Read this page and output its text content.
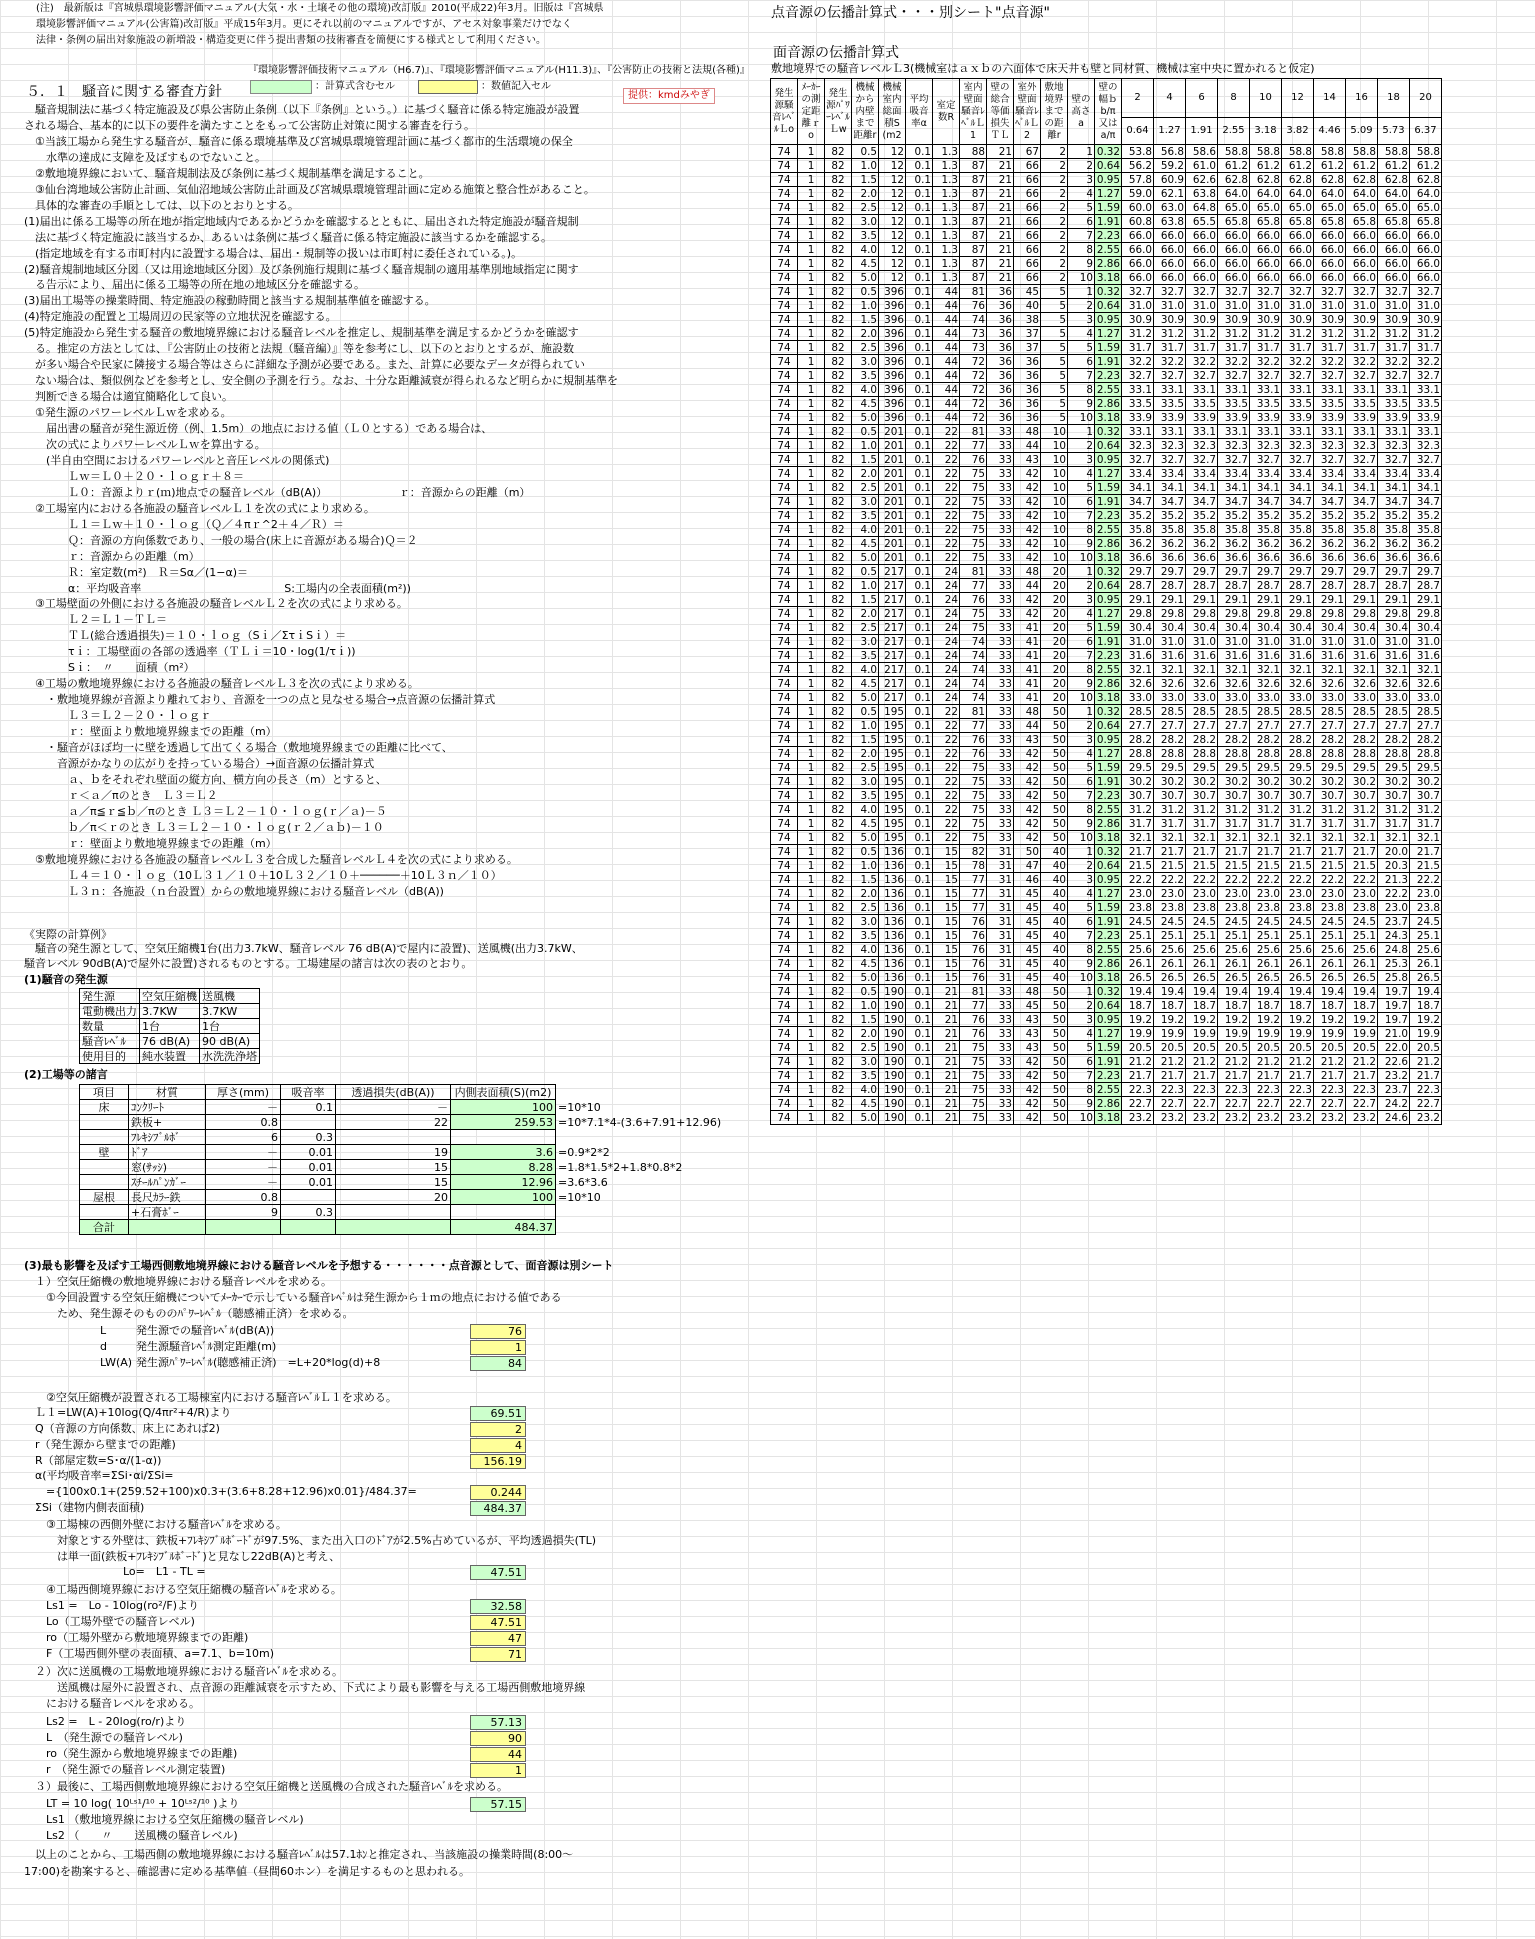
(注)　最新版は『宮城県環境影響評価マニュアル(大気・水・土壌その他の環境)改訂版』2010(平成22)年3月。旧版は『宮城県
環境影響評価マニュアル(公害篇)改訂版』平成15年3月。更にそれ以前のマニュアルですが、アセス対象事業だけでなく
法律・条例の届出対象施設の新増設・構造変更に伴う提出書類の技術審査を簡便にする様式として利用ください。
『環境影響評価技術マニュアル（H6.7)』、『環境影響評価マニュアル(H11.3)』、『公害防止の技術と法規(各種)』
：計算式含むセル	：数値記入セル
提供：kmdみやぎ
５．１　騒音に関する審査方針
　騒音規制法に基づく特定施設及び県公害防止条例（以下『条例』という。）に基づく騒音に係る特定施設が設置
される場合、基本的に以下の要件を満たすことをもって公害防止対策に関する審査を行う。
　①当該工場から発生する騒音が、騒音に係る環境基準及び宮城県環境管理計画に基づく都市的生活環境の保全
　　水準の達成に支障を及ぼすものでないこと。
　②敷地境界線において、騒音規制法及び条例に基づく規制基準を満足すること。
　③仙台湾地域公害防止計画、気仙沼地域公害防止計画及び宮城県環境管理計画に定める施策と整合性があること。
　具体的な審査の手順としては、以下のとおりとする。
(1)届出に係る工場等の所在地が指定地域内であるかどうかを確認するとともに、届出された特定施設が騒音規制
　法に基づく特定施設に該当するか、あるいは条例に基づく騒音に係る特定施設に該当するかを確認する。
　(指定地域を有する市町村内に設置する場合は、届出・規制等の扱いは市町村に委任されている。)。
(2)騒音規制地域区分図（又は用途地域区分図）及び条例施行規則に基づく騒音規制の適用基準別地域指定に関す
　る告示により、届出に係る工場等の所在地の地域区分を確認する。
(3)届出工場等の操業時間、特定施設の稼動時間と該当する規制基準値を確認する。
(4)特定施設の配置と工場周辺の民家等の立地状況を確認する。
(5)特定施設から発生する騒音の敷地境界線における騒音レベルを推定し、規制基準を満足するかどうかを確認す
　る。推定の方法としては、『公害防止の技術と法規（騒音編）』等を参考にし、以下のとおりとするが、施設数
　が多い場合や民家に隣接する場合等はさらに詳細な予測が必要である。また、計算に必要なデータが得られてい
　ない場合は、類似例などを参考とし、安全側の予測を行う。なお、十分な距離減衰が得られるなど明らかに規制基準を
　判断できる場合は適宜簡略化して良い。
　①発生源のパワーレベルＬｗを求める。
　　届出書の騒音が発生源近傍（例、1.5m）の地点における値（Ｌ０とする）である場合は、
　　次の式によりパワーレベルＬｗを算出する。
　　(半自由空間におけるパワーレベルと音圧レベルの関係式)
　　　　Ｌｗ＝Ｌ０＋２０・ｌｏｇｒ＋８＝
　　　　Ｌ０：音源よりｒ(ｍ)地点での騒音レベル（dB(A)）　　　　　　　ｒ：音源からの距離（m）
　②工場室内における各施設の騒音レベルＬ１を次の式により求める。
　　　　Ｌ１＝Ｌｗ＋１０・ｌｏｇ（Ｑ／４πｒ^2＋４／Ｒ）＝
　　　　Ｑ：音源の方向係数であり、一般の場合(床上に音源がある場合)Ｑ＝２
　　　　ｒ：音源からの距離（m）
　　　　Ｒ：室定数(m²)　Ｒ＝Sα／(1−α)＝
　　　　α：平均吸音率　　　　　　　　　　　　　S:工場内の全表面積(m²))
　③工場壁面の外側における各施設の騒音レベルＬ２を次の式により求める。
　　　　Ｌ２＝Ｌ１－ＴＬ＝
　　　　ＴＬ(総合透過損失)＝１０・ｌｏｇ（Sｉ／ΣτｉSｉ）＝
　　　　τｉ：工場壁面の各部の透過率（ＴＬｉ＝10・log(1/τｉ))
　　　　Sｉ：　〃　　面積（m²）
　④工場の敷地境界線における各施設の騒音レベルＬ３を次の式により求める。
　　・敷地境界線が音源より離れており、音源を一つの点と見なせる場合→点音源の伝播計算式
　　　　Ｌ３＝Ｌ２－２０・ｌｏｇｒ
　　　　ｒ：壁面より敷地境界線までの距離（m）
　　・騒音がほぼ均一に壁を透過して出てくる場合（敷地境界線までの距離に比べて、
　　　音源がかなりの広がりを持っている場合）→面音源の伝播計算式
　　　　ａ、ｂをそれぞれ壁面の縦方向、横方向の長さ（m）とすると、
　　　　ｒ＜ａ／πのとき　Ｌ３＝Ｌ２
　　　　ａ／π≦ｒ≦ｂ／πのとき Ｌ３＝Ｌ２－１０・ｌｏｇ(ｒ／ａ)－５
　　　　ｂ／π＜ｒのとき Ｌ３＝Ｌ２－１０・ｌｏｇ(ｒ２／ａｂ)－１０
　　　　ｒ：壁面より敷地境界線までの距離（m）
　⑤敷地境界線における各施設の騒音レベルＬ３を合成した騒音レベルＬ４を次の式により求める。
　　　　Ｌ４＝１０・ｌｏｇ（10Ｌ３１／１０＋10Ｌ３２／１０＋──────＋10Ｌ３ｎ／１０）
　　　　Ｌ３ｎ：各施設（ｎ台設置）からの敷地境界線における騒音レベル（dB(A))
《実際の計算例》
　騒音の発生源として、空気圧縮機1台(出力3.7kW、騒音レベル 76 dB(A)で屋内に設置)、送風機(出力3.7kW、
騒音レベル 90dB(A)で屋外に設置)されるものとする。工場建屋の諸言は次の表のとおり。
(1)騒音の発生源
発生源	空気圧縮機	送風機
電動機出力	3.7KW	3.7KW
数量	1台	1台
騒音ﾚﾍﾞﾙ	76 dB(A)	90 dB(A)
使用目的	純水装置	水洗洗浄塔
(2)工場等の諸言
項目	材質	厚さ(mm)	吸音率	透過損失(dB(A))	内側表面積(S)(m2)	
床	ｺﾝｸﾘｰﾄ	－	0.1	－	100	=10*10
	鉄板+	0.8		22	259.53	=10*7.1*4-(3.6+7.91+12.96)
	ﾌﾚｷｼﾌﾞﾙﾎﾞ	6	0.3			
壁	ﾄﾞｱ	－	0.01	19	3.6	=0.9*2*2
	窓(ｻｯｼ)	－	0.01	15	8.28	=1.8*1.5*2+1.8*0.8*2
	ｽﾁｰﾙﾊﾟﾝｶﾞｰ	－	0.01	15	12.96	=3.6*3.6
屋根	長尺ｶﾗｰ鉄	0.8		20	100	=10*10
	+石膏ﾎﾞｰ	9	0.3			
合計					484.37	
(3)最も影響を及ぼす工場西側敷地境界線における騒音レベルを予想する・・・・・・点音源として、面音源は別シート
　１）空気圧縮機の敷地境界線における騒音レベルを求める。
　　①今回設置する空気圧縮機についてﾒｰｶｰで示している騒音ﾚﾍﾞﾙは発生源から１ｍの地点における値である
　　　ため、発生源そのもののﾊﾟﾜｰﾚﾍﾞﾙ（聴感補正済）を求める。
L	発生源での騒音ﾚﾍﾞﾙ(dB(A))	76
d	発生源騒音ﾚﾍﾞﾙ測定距離(m)	1
LW(A) 発生源ﾊﾟﾜｰﾚﾍﾞﾙ(聴感補正済)　=L+20*log(d)+8	84
　　②空気圧縮機が設置される工場棟室内における騒音ﾚﾍﾞﾙＬ１を求める。
　Ｌ１=LW(A)+10log(Q/4πr²+4/R)より	69.51
　Q（音源の方向係数、床上にあれば2)	2
　r（発生源から壁までの距離)	4
　R（部屋定数=S･α/(1-α))	156.19
　α(平均吸音率=ΣSi･αi/ΣSi=
　　={100x0.1+(259.52+100)x0.3+(3.6+8.28+12.96)x0.01}/484.37=	0.244
　ΣSi（建物内側表面積)	484.37
　　③工場棟の西側外壁における騒音ﾚﾍﾞﾙを求める。
　　　対象とする外壁は、鉄板+ﾌﾚｷｼﾌﾞﾙﾎﾞｰﾄﾞが97.5%、また出入口のﾄﾞｱが2.5%占めているが、平均透過損失(TL)
　　　は単一面(鉄板+ﾌﾚｷｼﾌﾞﾙﾎﾞｰﾄﾞ)と見なし22dB(A)と考え、
　　　　　　　　　Lo=　L1 - TL =	47.51
　　④工場西側境界線における空気圧縮機の騒音ﾚﾍﾞﾙを求める。
　　Ls1 =　Lo - 10log(ro²/F)より	32.58
　　Lo（工場外壁での騒音レベル)	47.51
　　ro（工場外壁から敷地境界線までの距離)	47
　　F（工場西側外壁の表面積、a=7.1、b=10m)	71
　２）次に送風機の工場敷地境界線における騒音ﾚﾍﾞﾙを求める。
　　　送風機は屋外に設置され、点音源の距離減衰を示すため、下式により最も影響を与える工場西側敷地境界線
　　における騒音レベルを求める。
　　Ls2 =　L - 20log(ro/r)より	57.13
　　L　（発生源での騒音レベル)	90
　　ro（発生源から敷地境界線までの距離)	44
　　r　（発生源での騒音レベル測定装置)	1
　３）最後に、工場西側敷地境界線における空気圧縮機と送風機の合成された騒音ﾚﾍﾞﾙを求める。
　　LT = 10 log( 10ᴸˢ¹/¹⁰ + 10ᴸˢ²/¹⁰ )より	57.15
　　Ls1 （敷地境界線における空気圧縮機の騒音レベル)
　　Ls2 （　　〃　　送風機の騒音レベル)
　以上のことから、工場西側の敷地境界線における騒音ﾚﾍﾞﾙは57.1ﾎﾝと推定され、当該施設の操業時間(8:00～
17:00)を勘案すると、確認書に定める基準値（昼間60ホン）を満足するものと思われる。
点音源の伝播計算式・・・別シート"点音源"
面音源の伝播計算式
敷地境界での騒音レベルＬ3(機械室はａｘｂの六面体で床天井も壁と同材質、機械は室中央に置かれると仮定)
発生源騒音ﾚﾍﾞﾙＬo	ﾒｰｶｰの測定距離ｒo	発生源ﾊﾟﾜｰﾚﾍﾞﾙＬw	機械から内壁まで距離r	機械室内総面積S(m2	平均吸音率α	室定数R	室内壁面騒音ﾚﾍﾞﾙＬ1	壁の総合等価損失ＴＬ	室外壁面騒音ﾚﾍﾞﾙＬ2	敷地境界までの距離r	壁の高さa	壁の幅ｂb/π又はa/π	2	4	6	8	10	12	14	16	18	20
													0.64	1.27	1.91	2.55	3.18	3.82	4.46	5.09	5.73	6.37
74	1	82	0.5	12	0.1	1.3	88	21	67	2	1	0.32	53.8	56.8	58.6	58.8	58.8	58.8	58.8	58.8	58.8	58.8
74	1	82	1.0	12	0.1	1.3	87	21	66	2	2	0.64	56.2	59.2	61.0	61.2	61.2	61.2	61.2	61.2	61.2	61.2
74	1	82	1.5	12	0.1	1.3	87	21	66	2	3	0.95	57.8	60.9	62.6	62.8	62.8	62.8	62.8	62.8	62.8	62.8
74	1	82	2.0	12	0.1	1.3	87	21	66	2	4	1.27	59.0	62.1	63.8	64.0	64.0	64.0	64.0	64.0	64.0	64.0
74	1	82	2.5	12	0.1	1.3	87	21	66	2	5	1.59	60.0	63.0	64.8	65.0	65.0	65.0	65.0	65.0	65.0	65.0
74	1	82	3.0	12	0.1	1.3	87	21	66	2	6	1.91	60.8	63.8	65.5	65.8	65.8	65.8	65.8	65.8	65.8	65.8
74	1	82	3.5	12	0.1	1.3	87	21	66	2	7	2.23	66.0	66.0	66.0	66.0	66.0	66.0	66.0	66.0	66.0	66.0
74	1	82	4.0	12	0.1	1.3	87	21	66	2	8	2.55	66.0	66.0	66.0	66.0	66.0	66.0	66.0	66.0	66.0	66.0
74	1	82	4.5	12	0.1	1.3	87	21	66	2	9	2.86	66.0	66.0	66.0	66.0	66.0	66.0	66.0	66.0	66.0	66.0
74	1	82	5.0	12	0.1	1.3	87	21	66	2	10	3.18	66.0	66.0	66.0	66.0	66.0	66.0	66.0	66.0	66.0	66.0
74	1	82	0.5	396	0.1	44	81	36	45	5	1	0.32	32.7	32.7	32.7	32.7	32.7	32.7	32.7	32.7	32.7	32.7
74	1	82	1.0	396	0.1	44	76	36	40	5	2	0.64	31.0	31.0	31.0	31.0	31.0	31.0	31.0	31.0	31.0	31.0
74	1	82	1.5	396	0.1	44	74	36	38	5	3	0.95	30.9	30.9	30.9	30.9	30.9	30.9	30.9	30.9	30.9	30.9
74	1	82	2.0	396	0.1	44	73	36	37	5	4	1.27	31.2	31.2	31.2	31.2	31.2	31.2	31.2	31.2	31.2	31.2
74	1	82	2.5	396	0.1	44	73	36	37	5	5	1.59	31.7	31.7	31.7	31.7	31.7	31.7	31.7	31.7	31.7	31.7
74	1	82	3.0	396	0.1	44	72	36	36	5	6	1.91	32.2	32.2	32.2	32.2	32.2	32.2	32.2	32.2	32.2	32.2
74	1	82	3.5	396	0.1	44	72	36	36	5	7	2.23	32.7	32.7	32.7	32.7	32.7	32.7	32.7	32.7	32.7	32.7
74	1	82	4.0	396	0.1	44	72	36	36	5	8	2.55	33.1	33.1	33.1	33.1	33.1	33.1	33.1	33.1	33.1	33.1
74	1	82	4.5	396	0.1	44	72	36	36	5	9	2.86	33.5	33.5	33.5	33.5	33.5	33.5	33.5	33.5	33.5	33.5
74	1	82	5.0	396	0.1	44	72	36	36	5	10	3.18	33.9	33.9	33.9	33.9	33.9	33.9	33.9	33.9	33.9	33.9
74	1	82	0.5	201	0.1	22	81	33	48	10	1	0.32	33.1	33.1	33.1	33.1	33.1	33.1	33.1	33.1	33.1	33.1
74	1	82	1.0	201	0.1	22	77	33	44	10	2	0.64	32.3	32.3	32.3	32.3	32.3	32.3	32.3	32.3	32.3	32.3
74	1	82	1.5	201	0.1	22	76	33	43	10	3	0.95	32.7	32.7	32.7	32.7	32.7	32.7	32.7	32.7	32.7	32.7
74	1	82	2.0	201	0.1	22	75	33	42	10	4	1.27	33.4	33.4	33.4	33.4	33.4	33.4	33.4	33.4	33.4	33.4
74	1	82	2.5	201	0.1	22	75	33	42	10	5	1.59	34.1	34.1	34.1	34.1	34.1	34.1	34.1	34.1	34.1	34.1
74	1	82	3.0	201	0.1	22	75	33	42	10	6	1.91	34.7	34.7	34.7	34.7	34.7	34.7	34.7	34.7	34.7	34.7
74	1	82	3.5	201	0.1	22	75	33	42	10	7	2.23	35.2	35.2	35.2	35.2	35.2	35.2	35.2	35.2	35.2	35.2
74	1	82	4.0	201	0.1	22	75	33	42	10	8	2.55	35.8	35.8	35.8	35.8	35.8	35.8	35.8	35.8	35.8	35.8
74	1	82	4.5	201	0.1	22	75	33	42	10	9	2.86	36.2	36.2	36.2	36.2	36.2	36.2	36.2	36.2	36.2	36.2
74	1	82	5.0	201	0.1	22	75	33	42	10	10	3.18	36.6	36.6	36.6	36.6	36.6	36.6	36.6	36.6	36.6	36.6
74	1	82	0.5	217	0.1	24	81	33	48	20	1	0.32	29.7	29.7	29.7	29.7	29.7	29.7	29.7	29.7	29.7	29.7
74	1	82	1.0	217	0.1	24	77	33	44	20	2	0.64	28.7	28.7	28.7	28.7	28.7	28.7	28.7	28.7	28.7	28.7
74	1	82	1.5	217	0.1	24	76	33	42	20	3	0.95	29.1	29.1	29.1	29.1	29.1	29.1	29.1	29.1	29.1	29.1
74	1	82	2.0	217	0.1	24	75	33	42	20	4	1.27	29.8	29.8	29.8	29.8	29.8	29.8	29.8	29.8	29.8	29.8
74	1	82	2.5	217	0.1	24	75	33	41	20	5	1.59	30.4	30.4	30.4	30.4	30.4	30.4	30.4	30.4	30.4	30.4
74	1	82	3.0	217	0.1	24	74	33	41	20	6	1.91	31.0	31.0	31.0	31.0	31.0	31.0	31.0	31.0	31.0	31.0
74	1	82	3.5	217	0.1	24	74	33	41	20	7	2.23	31.6	31.6	31.6	31.6	31.6	31.6	31.6	31.6	31.6	31.6
74	1	82	4.0	217	0.1	24	74	33	41	20	8	2.55	32.1	32.1	32.1	32.1	32.1	32.1	32.1	32.1	32.1	32.1
74	1	82	4.5	217	0.1	24	74	33	41	20	9	2.86	32.6	32.6	32.6	32.6	32.6	32.6	32.6	32.6	32.6	32.6
74	1	82	5.0	217	0.1	24	74	33	41	20	10	3.18	33.0	33.0	33.0	33.0	33.0	33.0	33.0	33.0	33.0	33.0
74	1	82	0.5	195	0.1	22	81	33	48	50	1	0.32	28.5	28.5	28.5	28.5	28.5	28.5	28.5	28.5	28.5	28.5
74	1	82	1.0	195	0.1	22	77	33	44	50	2	0.64	27.7	27.7	27.7	27.7	27.7	27.7	27.7	27.7	27.7	27.7
74	1	82	1.5	195	0.1	22	76	33	43	50	3	0.95	28.2	28.2	28.2	28.2	28.2	28.2	28.2	28.2	28.2	28.2
74	1	82	2.0	195	0.1	22	76	33	42	50	4	1.27	28.8	28.8	28.8	28.8	28.8	28.8	28.8	28.8	28.8	28.8
74	1	82	2.5	195	0.1	22	75	33	42	50	5	1.59	29.5	29.5	29.5	29.5	29.5	29.5	29.5	29.5	29.5	29.5
74	1	82	3.0	195	0.1	22	75	33	42	50	6	1.91	30.2	30.2	30.2	30.2	30.2	30.2	30.2	30.2	30.2	30.2
74	1	82	3.5	195	0.1	22	75	33	42	50	7	2.23	30.7	30.7	30.7	30.7	30.7	30.7	30.7	30.7	30.7	30.7
74	1	82	4.0	195	0.1	22	75	33	42	50	8	2.55	31.2	31.2	31.2	31.2	31.2	31.2	31.2	31.2	31.2	31.2
74	1	82	4.5	195	0.1	22	75	33	42	50	9	2.86	31.7	31.7	31.7	31.7	31.7	31.7	31.7	31.7	31.7	31.7
74	1	82	5.0	195	0.1	22	75	33	42	50	10	3.18	32.1	32.1	32.1	32.1	32.1	32.1	32.1	32.1	32.1	32.1
74	1	82	0.5	136	0.1	15	82	31	50	40	1	0.32	21.7	21.7	21.7	21.7	21.7	21.7	21.7	21.7	20.0	21.7
74	1	82	1.0	136	0.1	15	78	31	47	40	2	0.64	21.5	21.5	21.5	21.5	21.5	21.5	21.5	21.5	20.3	21.5
74	1	82	1.5	136	0.1	15	77	31	46	40	3	0.95	22.2	22.2	22.2	22.2	22.2	22.2	22.2	22.2	21.3	22.2
74	1	82	2.0	136	0.1	15	77	31	45	40	4	1.27	23.0	23.0	23.0	23.0	23.0	23.0	23.0	23.0	22.2	23.0
74	1	82	2.5	136	0.1	15	77	31	45	40	5	1.59	23.8	23.8	23.8	23.8	23.8	23.8	23.8	23.8	23.0	23.8
74	1	82	3.0	136	0.1	15	76	31	45	40	6	1.91	24.5	24.5	24.5	24.5	24.5	24.5	24.5	24.5	23.7	24.5
74	1	82	3.5	136	0.1	15	76	31	45	40	7	2.23	25.1	25.1	25.1	25.1	25.1	25.1	25.1	25.1	24.3	25.1
74	1	82	4.0	136	0.1	15	76	31	45	40	8	2.55	25.6	25.6	25.6	25.6	25.6	25.6	25.6	25.6	24.8	25.6
74	1	82	4.5	136	0.1	15	76	31	45	40	9	2.86	26.1	26.1	26.1	26.1	26.1	26.1	26.1	26.1	25.3	26.1
74	1	82	5.0	136	0.1	15	76	31	45	40	10	3.18	26.5	26.5	26.5	26.5	26.5	26.5	26.5	26.5	25.8	26.5
74	1	82	0.5	190	0.1	21	81	33	48	50	1	0.32	19.4	19.4	19.4	19.4	19.4	19.4	19.4	19.4	19.7	19.4
74	1	82	1.0	190	0.1	21	77	33	45	50	2	0.64	18.7	18.7	18.7	18.7	18.7	18.7	18.7	18.7	19.7	18.7
74	1	82	1.5	190	0.1	21	76	33	43	50	3	0.95	19.2	19.2	19.2	19.2	19.2	19.2	19.2	19.2	19.7	19.2
74	1	82	2.0	190	0.1	21	76	33	43	50	4	1.27	19.9	19.9	19.9	19.9	19.9	19.9	19.9	19.9	21.0	19.9
74	1	82	2.5	190	0.1	21	75	33	43	50	5	1.59	20.5	20.5	20.5	20.5	20.5	20.5	20.5	20.5	22.0	20.5
74	1	82	3.0	190	0.1	21	75	33	42	50	6	1.91	21.2	21.2	21.2	21.2	21.2	21.2	21.2	21.2	22.6	21.2
74	1	82	3.5	190	0.1	21	75	33	42	50	7	2.23	21.7	21.7	21.7	21.7	21.7	21.7	21.7	21.7	23.2	21.7
74	1	82	4.0	190	0.1	21	75	33	42	50	8	2.55	22.3	22.3	22.3	22.3	22.3	22.3	22.3	22.3	23.7	22.3
74	1	82	4.5	190	0.1	21	75	33	42	50	9	2.86	22.7	22.7	22.7	22.7	22.7	22.7	22.7	22.7	24.2	22.7
74	1	82	5.0	190	0.1	21	75	33	42	50	10	3.18	23.2	23.2	23.2	23.2	23.2	23.2	23.2	23.2	24.6	23.2
